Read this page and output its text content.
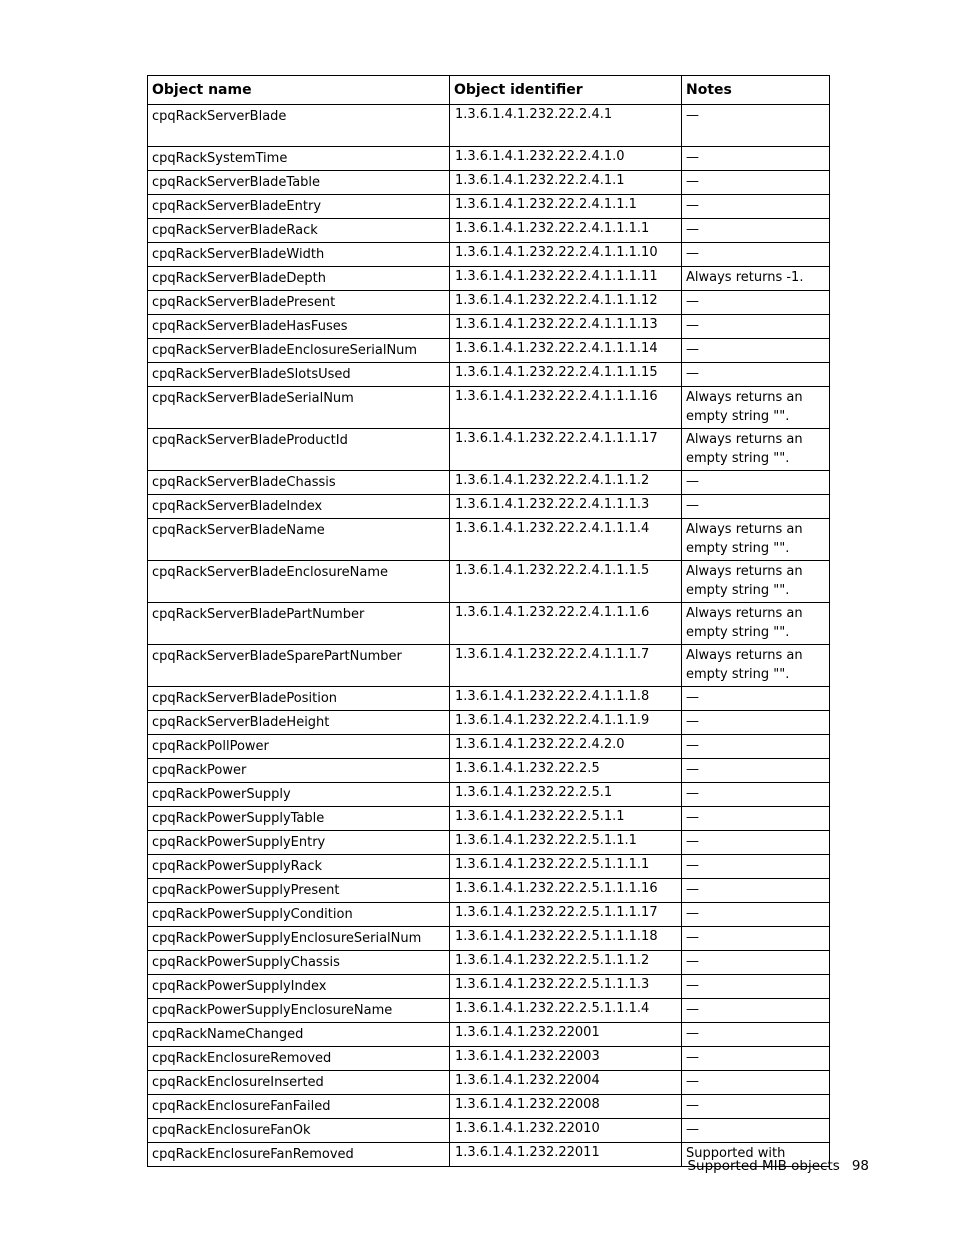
Object name	Object identifier	Notes
cpqRackServerBlade	1.3.6.1.4.1.232.22.2.4.1	—
cpqRackSystemTime	1.3.6.1.4.1.232.22.2.4.1.0	—
cpqRackServerBladeTable	1.3.6.1.4.1.232.22.2.4.1.1	—
cpqRackServerBladeEntry	1.3.6.1.4.1.232.22.2.4.1.1.1	—
cpqRackServerBladeRack	1.3.6.1.4.1.232.22.2.4.1.1.1.1	—
cpqRackServerBladeWidth	1.3.6.1.4.1.232.22.2.4.1.1.1.10	—
cpqRackServerBladeDepth	1.3.6.1.4.1.232.22.2.4.1.1.1.11	Always returns -1.
cpqRackServerBladePresent	1.3.6.1.4.1.232.22.2.4.1.1.1.12	—
cpqRackServerBladeHasFuses	1.3.6.1.4.1.232.22.2.4.1.1.1.13	—
cpqRackServerBladeEnclosureSerialNum	1.3.6.1.4.1.232.22.2.4.1.1.1.14	—
cpqRackServerBladeSlotsUsed	1.3.6.1.4.1.232.22.2.4.1.1.1.15	—
cpqRackServerBladeSerialNum	1.3.6.1.4.1.232.22.2.4.1.1.1.16	Always returns an empty string "".
cpqRackServerBladeProductId	1.3.6.1.4.1.232.22.2.4.1.1.1.17	Always returns an empty string "".
cpqRackServerBladeChassis	1.3.6.1.4.1.232.22.2.4.1.1.1.2	—
cpqRackServerBladeIndex	1.3.6.1.4.1.232.22.2.4.1.1.1.3	—
cpqRackServerBladeName	1.3.6.1.4.1.232.22.2.4.1.1.1.4	Always returns an empty string "".
cpqRackServerBladeEnclosureName	1.3.6.1.4.1.232.22.2.4.1.1.1.5	Always returns an empty string "".
cpqRackServerBladePartNumber	1.3.6.1.4.1.232.22.2.4.1.1.1.6	Always returns an empty string "".
cpqRackServerBladeSparePartNumber	1.3.6.1.4.1.232.22.2.4.1.1.1.7	Always returns an empty string "".
cpqRackServerBladePosition	1.3.6.1.4.1.232.22.2.4.1.1.1.8	—
cpqRackServerBladeHeight	1.3.6.1.4.1.232.22.2.4.1.1.1.9	—
cpqRackPollPower	1.3.6.1.4.1.232.22.2.4.2.0	—
cpqRackPower	1.3.6.1.4.1.232.22.2.5	—
cpqRackPowerSupply	1.3.6.1.4.1.232.22.2.5.1	—
cpqRackPowerSupplyTable	1.3.6.1.4.1.232.22.2.5.1.1	—
cpqRackPowerSupplyEntry	1.3.6.1.4.1.232.22.2.5.1.1.1	—
cpqRackPowerSupplyRack	1.3.6.1.4.1.232.22.2.5.1.1.1.1	—
cpqRackPowerSupplyPresent	1.3.6.1.4.1.232.22.2.5.1.1.1.16	—
cpqRackPowerSupplyCondition	1.3.6.1.4.1.232.22.2.5.1.1.1.17	—
cpqRackPowerSupplyEnclosureSerialNum	1.3.6.1.4.1.232.22.2.5.1.1.1.18	—
cpqRackPowerSupplyChassis	1.3.6.1.4.1.232.22.2.5.1.1.1.2	—
cpqRackPowerSupplyIndex	1.3.6.1.4.1.232.22.2.5.1.1.1.3	—
cpqRackPowerSupplyEnclosureName	1.3.6.1.4.1.232.22.2.5.1.1.1.4	—
cpqRackNameChanged	1.3.6.1.4.1.232.22001	—
cpqRackEnclosureRemoved	1.3.6.1.4.1.232.22003	—
cpqRackEnclosureInserted	1.3.6.1.4.1.232.22004	—
cpqRackEnclosureFanFailed	1.3.6.1.4.1.232.22008	—
cpqRackEnclosureFanOk	1.3.6.1.4.1.232.22010	—
cpqRackEnclosureFanRemoved	1.3.6.1.4.1.232.22011	Supported with
Supported MIB objects 98
